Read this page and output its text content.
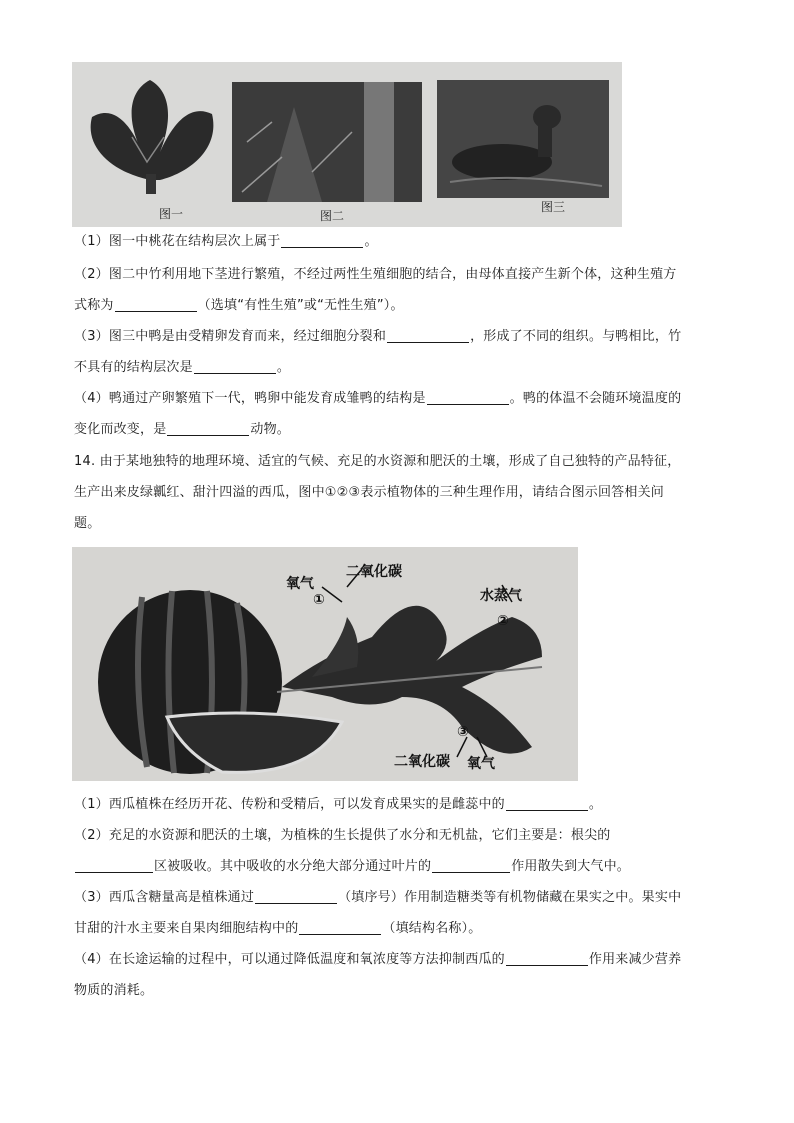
图一	图二
图三
（1）图一中桃花在结构层次上属于	。
（2）图二中竹利用地下茎进行繁殖，不经过两性生殖细胞的结合，由母体直接产生新个体，这种生殖方
式称为	（选填“有性生殖”或“无性生殖”）。
（3）图三中鸭是由受精卵发育而来，经过细胞分裂和	，形成了不同的组织。与鸭相比，竹
不具有的结构层次是	。
（4）鸭通过产卵繁殖下一代，鸭卵中能发育成雏鸭的结构是	。鸭的体温不会随环境温度的
变化而改变，是	动物。
14. 由于某地独特的地理环境、适宜的气候、充足的水资源和肥沃的土壤，形成了自己独特的产品特征，
生产出来皮绿瓤红、甜汁四溢的西瓜，图中①②③表示植物体的三种生理作用，请结合图示回答相关问
题。
氧气
二氧化碳
①	水蒸气
②
③
二氧化碳 氧气
（1）西瓜植株在经历开花、传粉和受精后，可以发育成果实的是雌蕊中的	。
（2）充足的水资源和肥沃的土壤，为植株的生长提供了水分和无机盐，它们主要是：根尖的
区被吸收。其中吸收的水分绝大部分通过叶片的	作用散失到大气中。
（3）西瓜含糖量高是植株通过	（填序号）作用制造糖类等有机物储藏在果实之中。果实中
甘甜的汁水主要来自果肉细胞结构中的	（填结构名称）。
（4）在长途运输的过程中，可以通过降低温度和氧浓度等方法抑制西瓜的	作用来减少营养
物质的消耗。
